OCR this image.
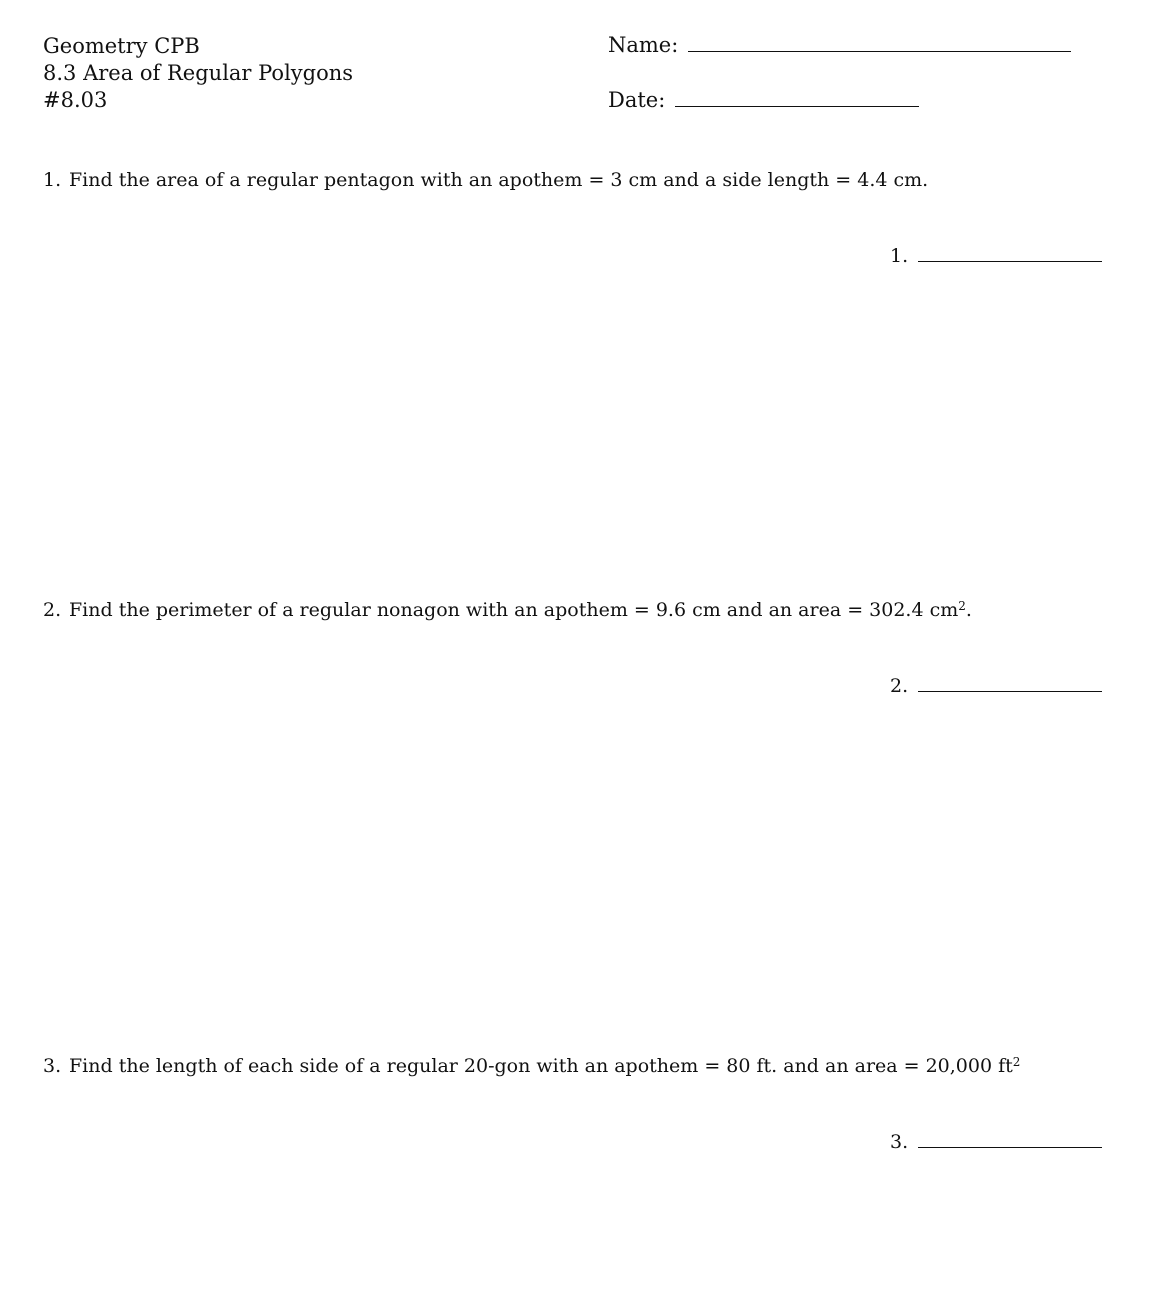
Geometry CPB
8.3 Area of Regular Polygons
#8.03
Name:
Date:
1. Find the area of a regular pentagon with an apothem = 3 cm and a side length = 4.4 cm.
1.
2. Find the perimeter of a regular nonagon with an apothem = 9.6 cm and an area = 302.4 $cm^2$.
2.
3. Find the length of each side of a regular 20-gon with an apothem = 80 ft. and an area = 20,000 $ft^2$
3.
